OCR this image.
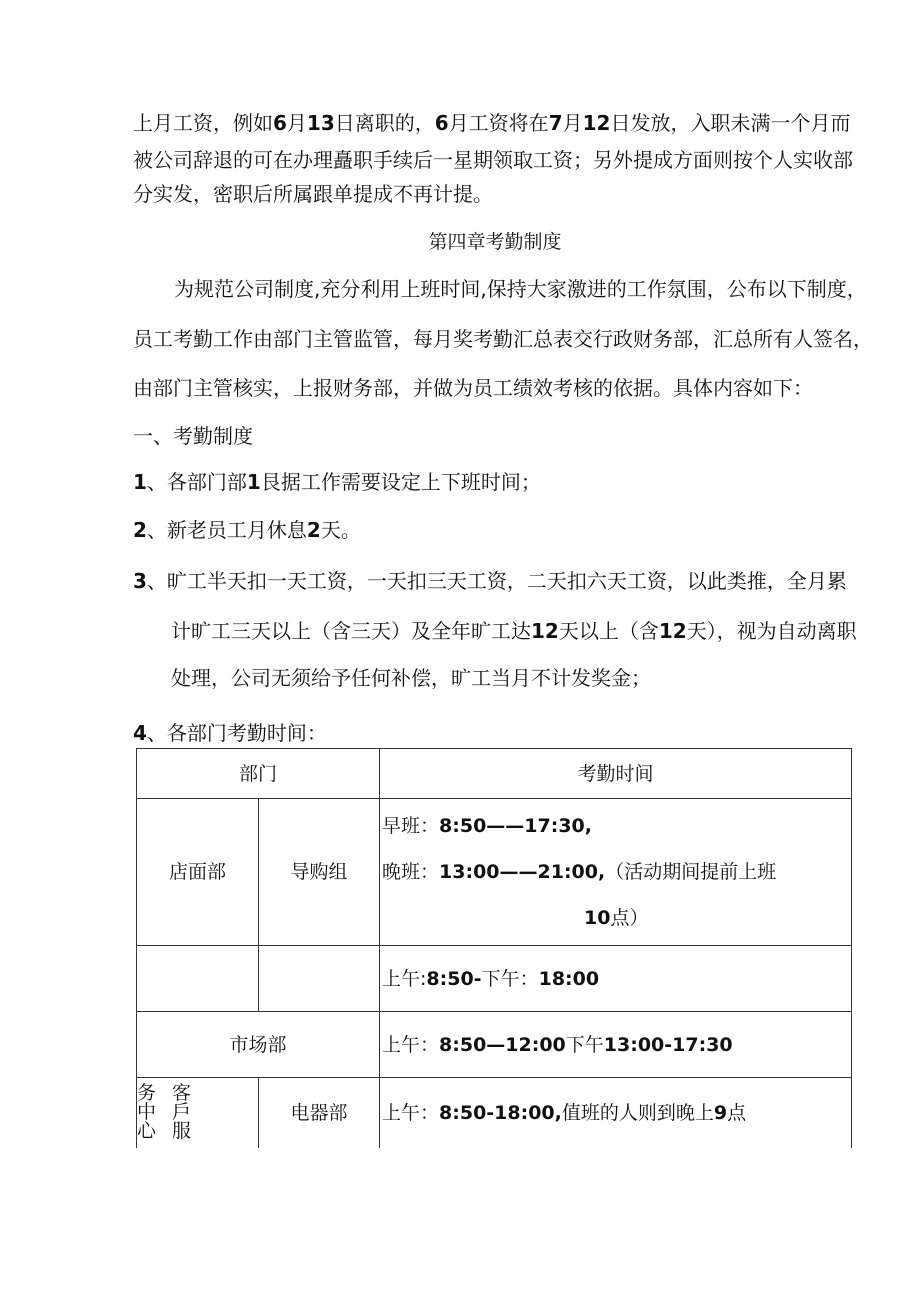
上月工资，例如6月13日离职的，6月工资将在7月12日发放，入职未满一个月而

被公司辞退的可在办理矗职手续后一星期领取工资；另外提成方面则按个人实收部

分实发，密职后所属跟单提成不再计提。

第四章考勤制度

为规范公司制度,充分利用上班时间,保持大家激进的工作氛围，公布以下制度，

员工考勤工作由部门主管监管，每月奖考勤汇总表交行政财务部，汇总所有人签名，

由部门主管核实，上报财务部，并做为员工绩效考核的依据。具体内容如下：

一、考勤制度

1、各部门部1艮据工作需要设定上下班时间；

2、新老员工月休息2天。

3、旷工半天扣一天工资，一天扣三天工资，二天扣六天工资，以此类推，全月累

计旷工三天以上（含三天）及全年旷工达12天以上（含12天），视为自动离职

处理，公司无须给予任何补偿，旷工当月不计发奖金；

4、各部门考勤时间：

部门		考勤时间
店面部	导购组	早班：8:50——17:30,
晚班：13:00——21:00,（活动期间提前上班
10点）

		上午:8:50-下午：18:00
市场部		上午：8:50—12:00下午13:00-17:30

务中心
客戶服	电器部	上午：8:50-18:00,值班的人则到晚上9点
